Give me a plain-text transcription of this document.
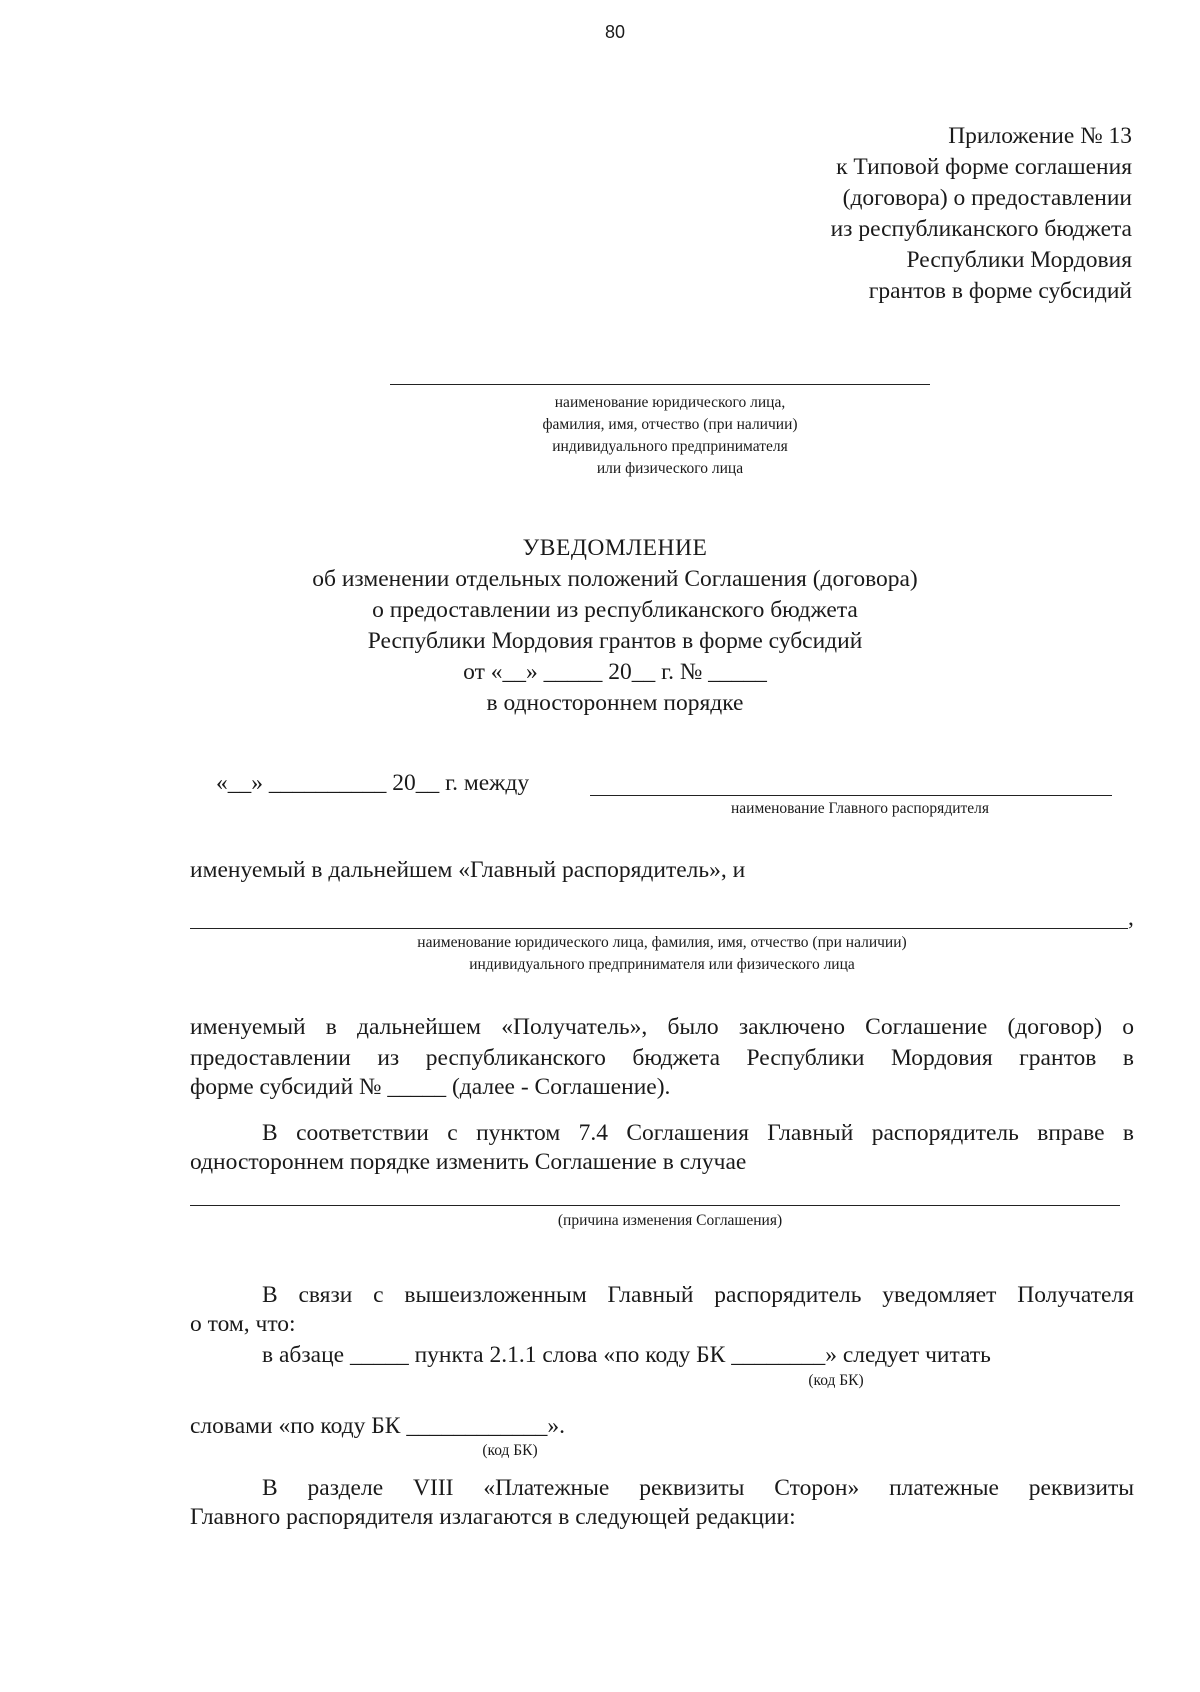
80
Приложение № 13
к Типовой форме соглашения
(договора) о предоставлении
из республиканского бюджета
Республики Мордовия
грантов в форме субсидий
наименование юридического лица,
фамилия, имя, отчество (при наличии)
индивидуального предпринимателя
или физического лица
УВЕДОМЛЕНИЕ
об изменении отдельных положений Соглашения (договора)
о предоставлении из республиканского бюджета
Республики Мордовия грантов в форме субсидий
от «__» _____ 20__ г. № _____
в одностороннем порядке
«__» __________ 20__ г. между
наименование Главного распорядителя
именуемый в дальнейшем «Главный распорядитель», и
,
наименование юридического лица, фамилия, имя, отчество (при наличии)
индивидуального предпринимателя или физического лица
именуемый в дальнейшем «Получатель», было заключено Соглашение (договор) о
предоставлении из республиканского бюджета Республики Мордовия грантов в
форме субсидий № _____ (далее - Соглашение).
В соответствии с пунктом 7.4 Соглашения Главный распорядитель вправе в
одностороннем порядке изменить Соглашение в случае
(причина изменения Соглашения)
В связи с вышеизложенным Главный распорядитель уведомляет Получателя
о том, что:
в абзаце _____ пункта 2.1.1 слова «по коду БК ________» следует читать
(код БК)
словами «по коду БК ____________».
(код БК)
В разделе VIII «Платежные реквизиты Сторон» платежные реквизиты
Главного распорядителя излагаются в следующей редакции:
